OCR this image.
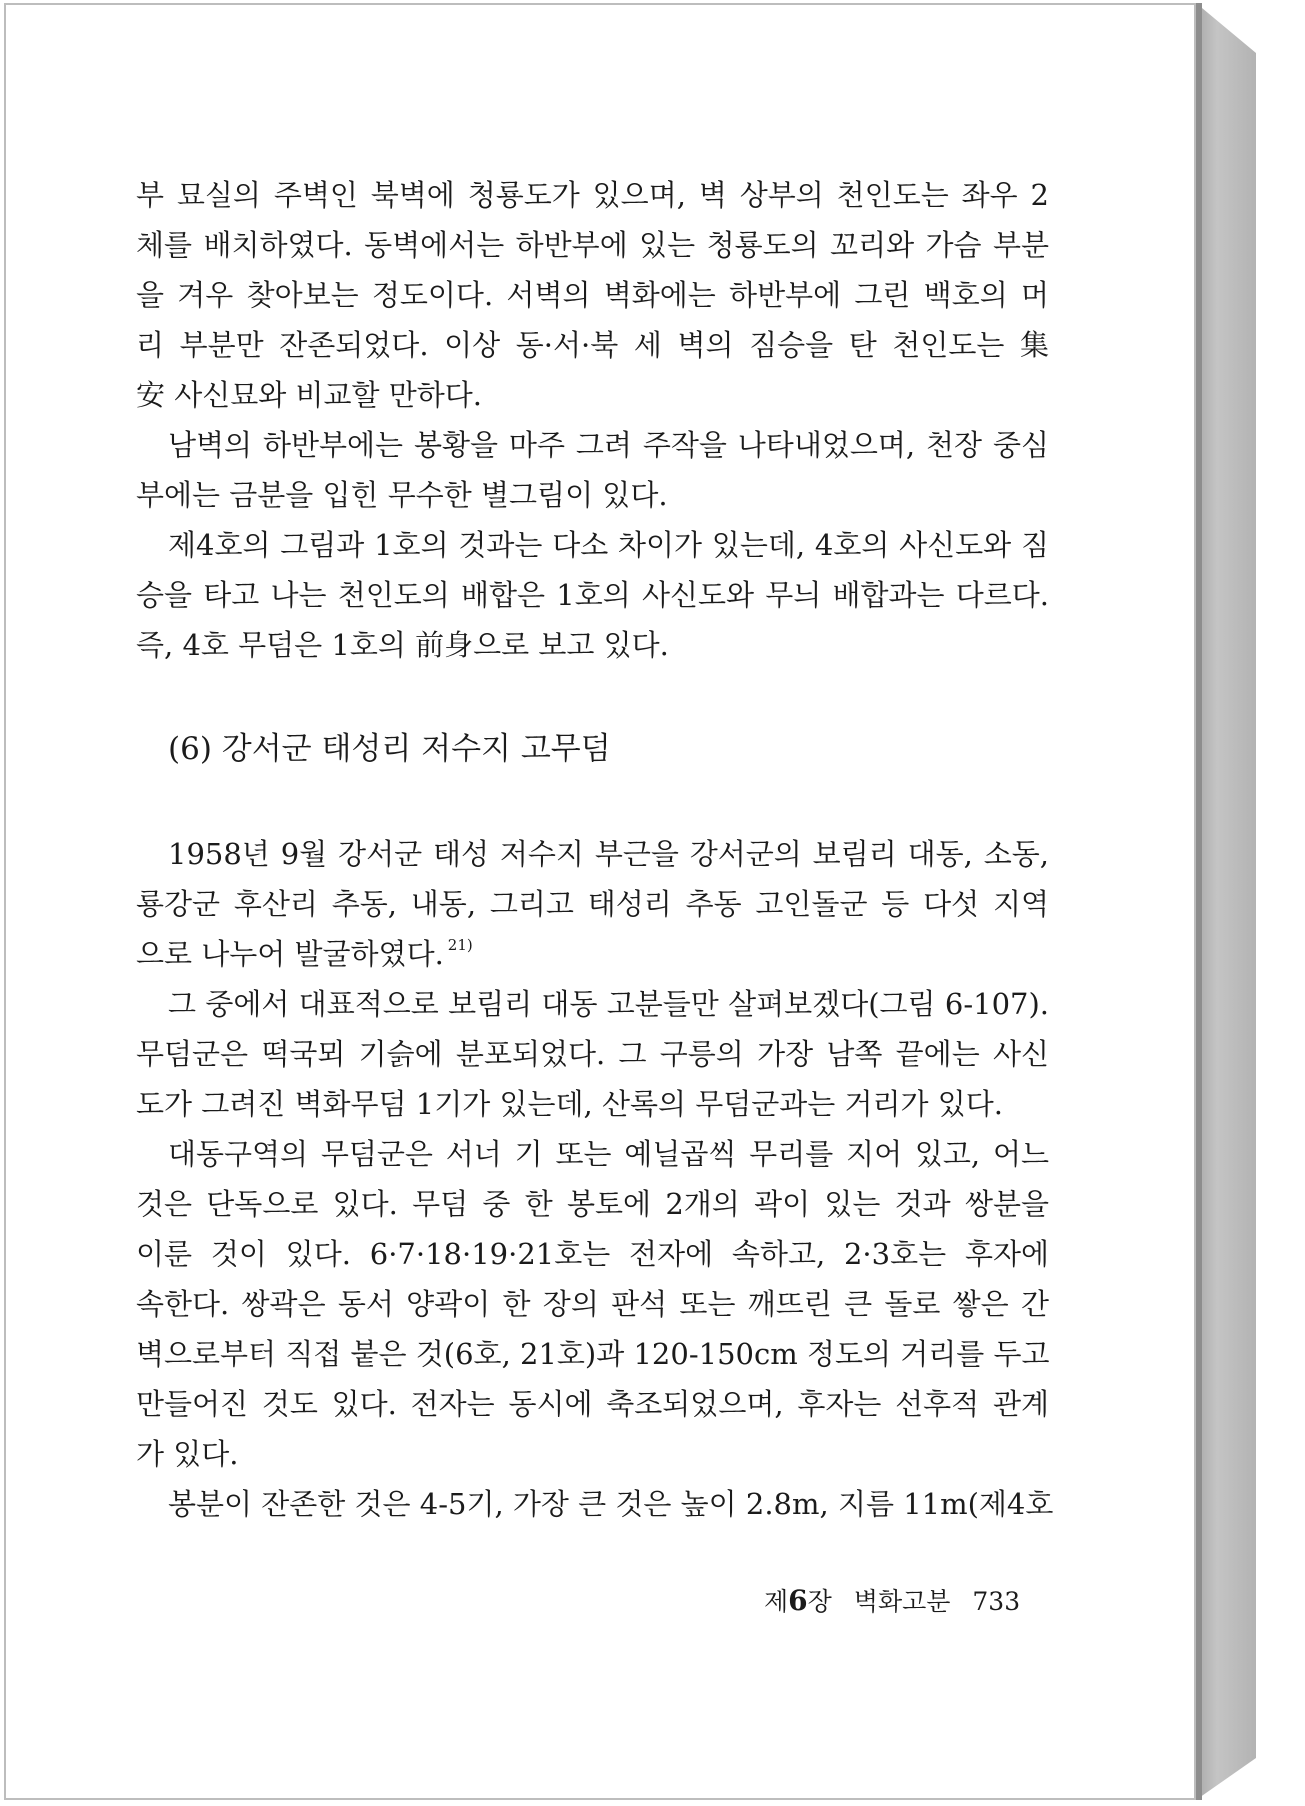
부 묘실의 주벽인 북벽에 청룡도가 있으며, 벽 상부의 천인도는 좌우 2
체를 배치하였다. 동벽에서는 하반부에 있는 청룡도의 꼬리와 가슴 부분
을 겨우 찾아보는 정도이다. 서벽의 벽화에는 하반부에 그린 백호의 머
리 부분만 잔존되었다. 이상 동·서·북 세 벽의 짐승을 탄 천인도는 集
安 사신묘와 비교할 만하다.
남벽의 하반부에는 봉황을 마주 그려 주작을 나타내었으며, 천장 중심
부에는 금분을 입힌 무수한 별그림이 있다.
제4호의 그림과 1호의 것과는 다소 차이가 있는데, 4호의 사신도와 짐
승을 타고 나는 천인도의 배합은 1호의 사신도와 무늬 배합과는 다르다.
즉, 4호 무덤은 1호의 前身으로 보고 있다.
(6) 강서군 태성리 저수지 고무덤
1958년 9월 강서군 태성 저수지 부근을 강서군의 보림리 대동, 소동,
룡강군 후산리 추동, 내동, 그리고 태성리 추동 고인돌군 등 다섯 지역
으로 나누어 발굴하였다. $^{21)}$
그 중에서 대표적으로 보림리 대동 고분들만 살펴보겠다(그림 6-107).
무덤군은 떡국뫼 기슭에 분포되었다. 그 구릉의 가장 남쪽 끝에는 사신
도가 그려진 벽화무덤 1기가 있는데, 산록의 무덤군과는 거리가 있다.
대동구역의 무덤군은 서너 기 또는 예닐곱씩 무리를 지어 있고, 어느
것은 단독으로 있다. 무덤 중 한 봉토에 2개의 곽이 있는 것과 쌍분을
이룬 것이 있다. 6·7·18·19·21호는 전자에 속하고, 2·3호는 후자에
속한다. 쌍곽은 동서 양곽이 한 장의 판석 또는 깨뜨린 큰 돌로 쌓은 간
벽으로부터 직접 붙은 것(6호, 21호)과 120-150cm 정도의 거리를 두고
만들어진 것도 있다. 전자는 동시에 축조되었으며, 후자는 선후적 관계
가 있다.
봉분이 잔존한 것은 4-5기, 가장 큰 것은 높이 2.8m, 지름 11m(제4호
제6장 벽화고분 733
